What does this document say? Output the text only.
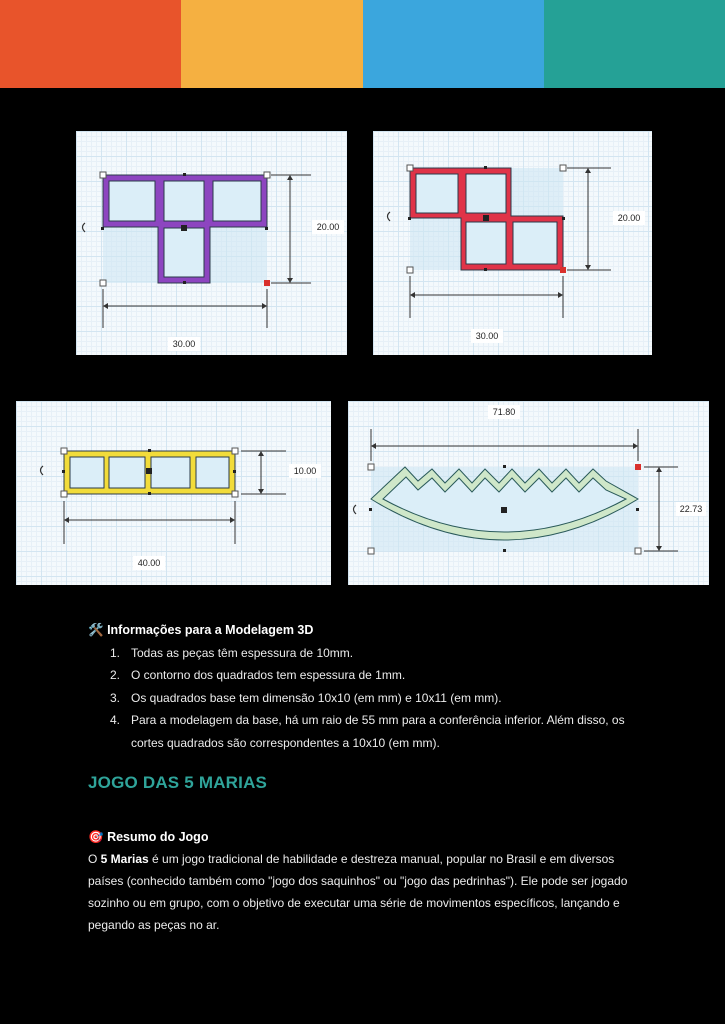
20.00
30.00
20.00
30.00
10.00
40.00
71.80
22.73
🛠️ Informações para a Modelagem 3D
1. Todas as peças têm espessura de 10mm.
2. O contorno dos quadrados tem espessura de 1mm.
3. Os quadrados base tem dimensão 10x10 (em mm) e 10x11 (em mm).
4. Para a modelagem da base, há um raio de 55 mm para a conferência inferior. Além disso, os cortes quadrados são correspondentes a 10x10 (em mm).
JOGO DAS 5 MARIAS
🎯 Resumo do Jogo

O 5 Marias é um jogo tradicional de habilidade e destreza manual, popular no Brasil e em diversos países (conhecido também como "jogo dos saquinhos" ou "jogo das pedrinhas"). Ele pode ser jogado sozinho ou em grupo, com o objetivo de executar uma série de movimentos específicos, lançando e pegando as peças no ar.
